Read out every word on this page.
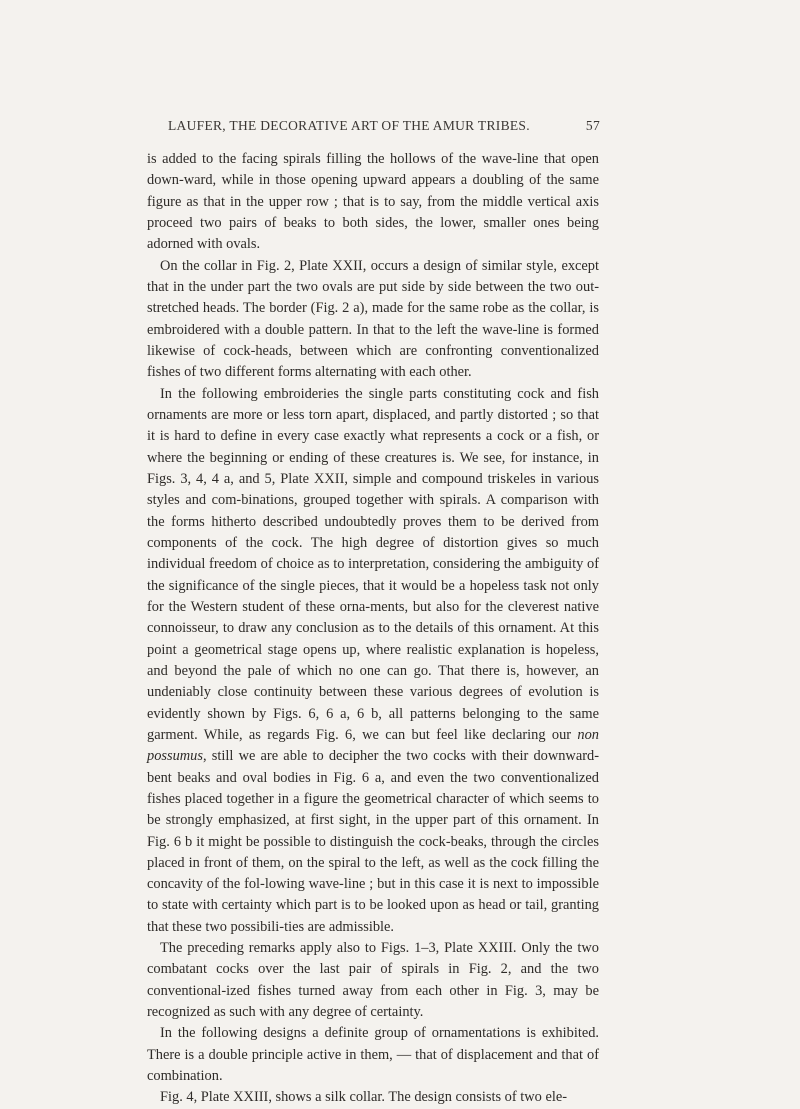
LAUFER, THE DECORATIVE ART OF THE AMUR TRIBES.	57

is added to the facing spirals filling the hollows of the wave-line that open down-ward, while in those opening upward appears a doubling of the same figure as that in the upper row ; that is to say, from the middle vertical axis proceed two pairs of beaks to both sides, the lower, smaller ones being adorned with ovals.

On the collar in Fig. 2, Plate XXII, occurs a design of similar style, except that in the under part the two ovals are put side by side between the two out-stretched heads. The border (Fig. 2 a), made for the same robe as the collar, is embroidered with a double pattern. In that to the left the wave-line is formed likewise of cock-heads, between which are confronting conventionalized fishes of two different forms alternating with each other.

In the following embroideries the single parts constituting cock and fish ornaments are more or less torn apart, displaced, and partly distorted ; so that it is hard to define in every case exactly what represents a cock or a fish, or where the beginning or ending of these creatures is. We see, for instance, in Figs. 3, 4, 4 a, and 5, Plate XXII, simple and compound triskeles in various styles and com-binations, grouped together with spirals. A comparison with the forms hitherto described undoubtedly proves them to be derived from components of the cock. The high degree of distortion gives so much individual freedom of choice as to interpretation, considering the ambiguity of the significance of the single pieces, that it would be a hopeless task not only for the Western student of these orna-ments, but also for the cleverest native connoisseur, to draw any conclusion as to the details of this ornament. At this point a geometrical stage opens up, where realistic explanation is hopeless, and beyond the pale of which no one can go. That there is, however, an undeniably close continuity between these various degrees of evolution is evidently shown by Figs. 6, 6 a, 6 b, all patterns belonging to the same garment. While, as regards Fig. 6, we can but feel like declaring our non possumus, still we are able to decipher the two cocks with their downward-bent beaks and oval bodies in Fig. 6 a, and even the two conventionalized fishes placed together in a figure the geometrical character of which seems to be strongly emphasized, at first sight, in the upper part of this ornament. In Fig. 6 b it might be possible to distinguish the cock-beaks, through the circles placed in front of them, on the spiral to the left, as well as the cock filling the concavity of the fol-lowing wave-line ; but in this case it is next to impossible to state with certainty which part is to be looked upon as head or tail, granting that these two possibili-ties are admissible.

The preceding remarks apply also to Figs. 1–3, Plate XXIII. Only the two combatant cocks over the last pair of spirals in Fig. 2, and the two conventional-ized fishes turned away from each other in Fig. 3, may be recognized as such with any degree of certainty.

In the following designs a definite group of ornamentations is exhibited. There is a double principle active in them, — that of displacement and that of combination.

Fig. 4, Plate XXIII, shows a silk collar. The design consists of two ele-
